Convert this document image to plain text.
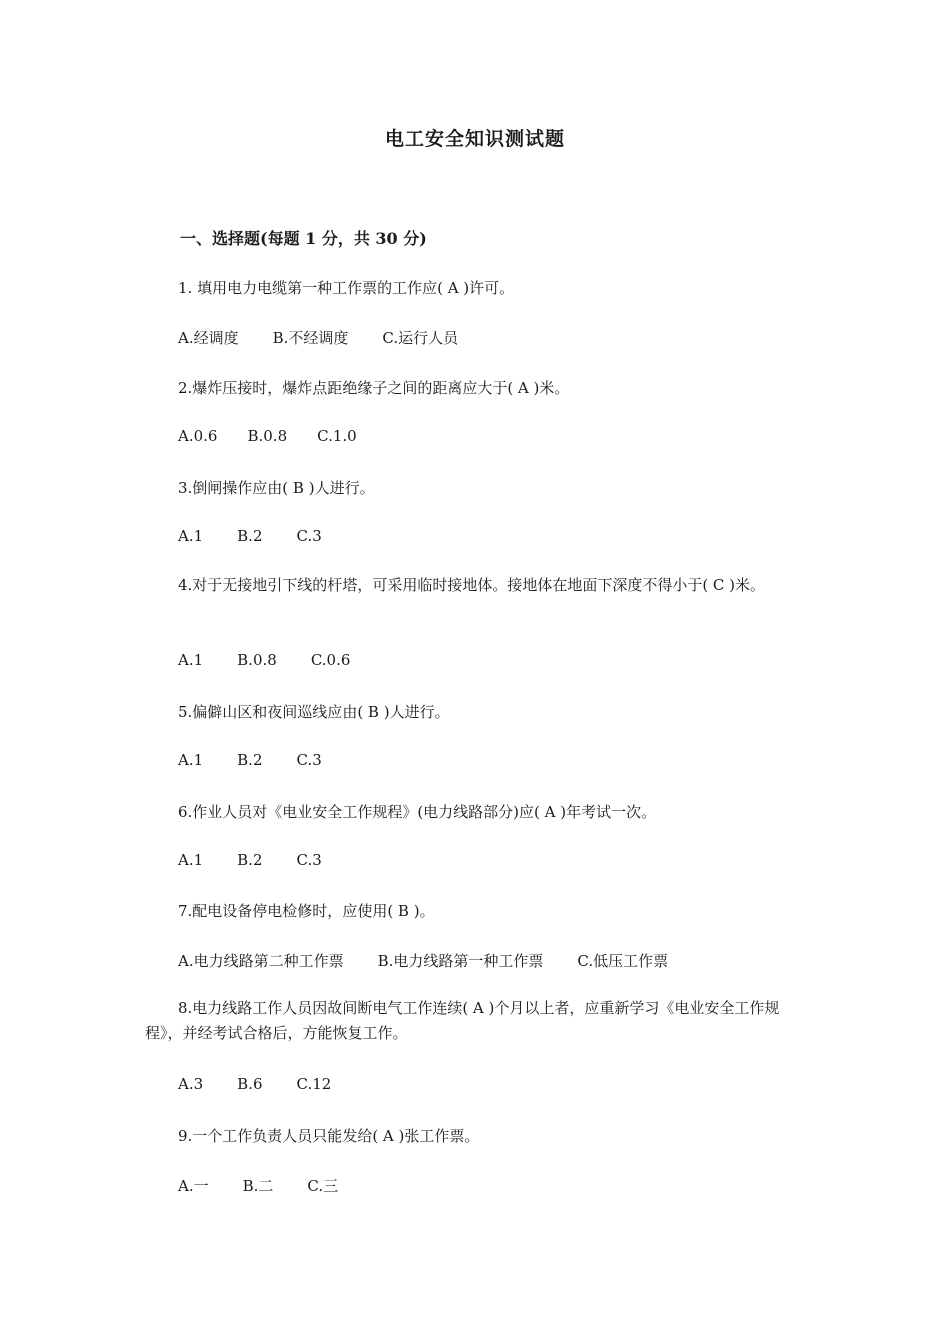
电工安全知识测试题
一、选择题(每题 1 分，共 30 分)
1. 填用电力电缆第一种工作票的工作应( A )许可。
A.经调度 B.不经调度 C.运行人员
2.爆炸压接时，爆炸点距绝缘子之间的距离应大于( A )米。
A.0.6 B.0.8 C.1.0
3.倒闸操作应由( B )人进行。
A.1 B.2 C.3
4.对于无接地引下线的杆塔，可采用临时接地体。接地体在地面下深度不得小于( C )米。
A.1 B.0.8 C.0.6
5.偏僻山区和夜间巡线应由( B )人进行。
A.1 B.2 C.3
6.作业人员对《电业安全工作规程》(电力线路部分)应( A )年考试一次。
A.1 B.2 C.3
7.配电设备停电检修时，应使用( B )。
A.电力线路第二种工作票 B.电力线路第一种工作票 C.低压工作票
8.电力线路工作人员因故间断电气工作连续( A )个月以上者，应重新学习《电业安全工作规程》，并经考试合格后，方能恢复工作。
A.3 B.6 C.12
9.一个工作负责人员只能发给( A )张工作票。
A.一 B.二 C.三
